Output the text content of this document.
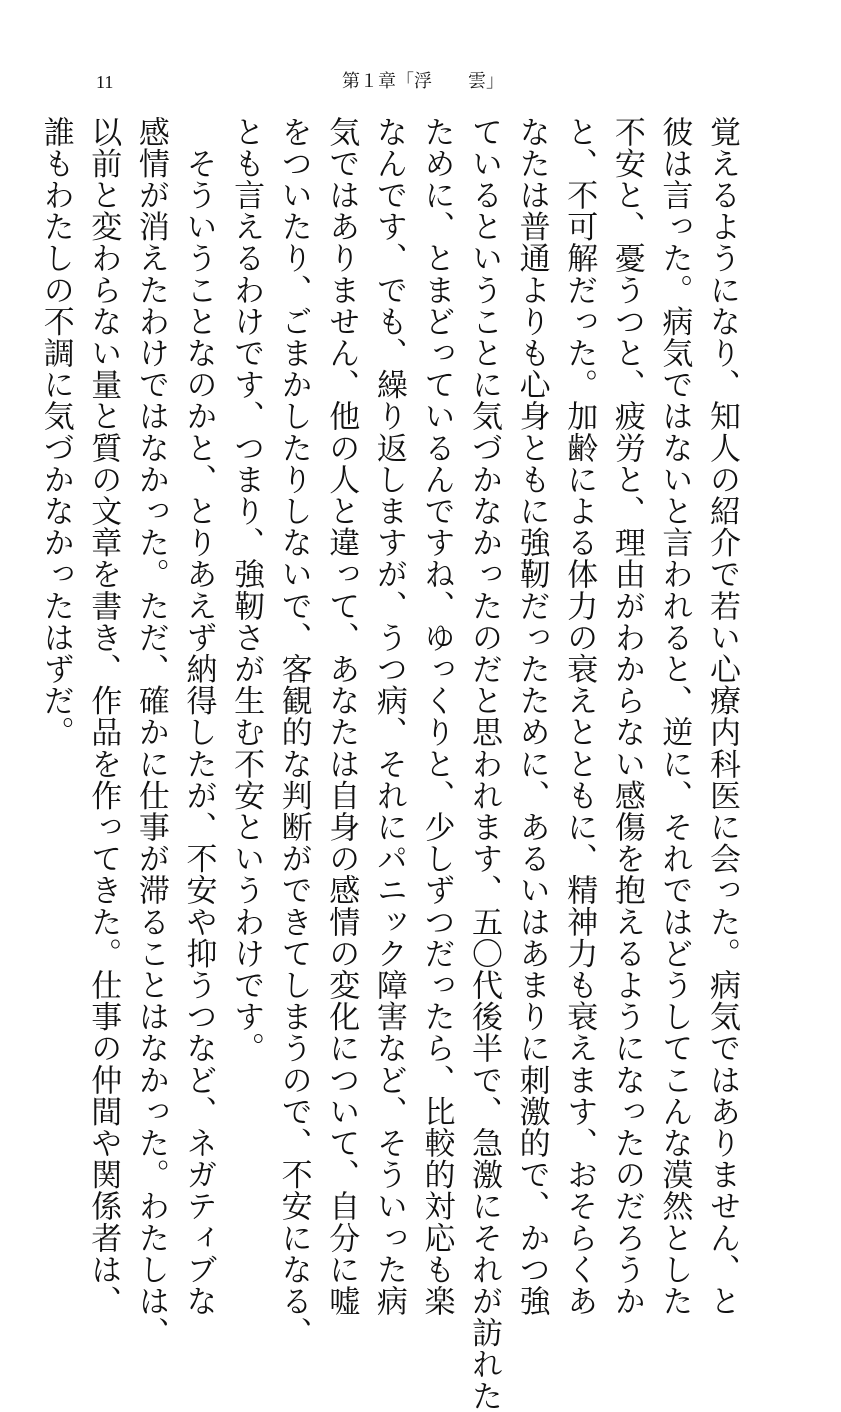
11	第１章「浮　　雲」
覚えるようになり、知人の紹介で若い心療内科医に会った。病気ではありません、と
彼は言った。病気ではないと言われると、逆に、それではどうしてこんな漠然とした
不安と、憂うつと、疲労と、理由がわからない感傷を抱えるようになったのだろうか
と、不可解だった。加齢による体力の衰えとともに、精神力も衰えます、おそらくあ
なたは普通よりも心身ともに強靭だったために、あるいはあまりに刺激的で、かつ強
ているということに気づかなかったのだと思われます、五〇代後半で、急激にそれが訪れた
ために、とまどっているんですね、ゆっくりと、少しずつだったら、比較的対応も楽
なんです、でも、繰り返しますが、うつ病、それにパニック障害など、そういった病
気ではありません、他の人と違って、あなたは自身の感情の変化について、自分に嘘
をついたり、ごまかしたりしないで、客観的な判断ができてしまうので、不安になる、
とも言えるわけです、つまり、強靭さが生む不安というわけです。
　そういうことなのかと、とりあえず納得したが、不安や抑うつなど、ネガティブな
感情が消えたわけではなかった。ただ、確かに仕事が滞ることはなかった。わたしは、
以前と変わらない量と質の文章を書き、作品を作ってきた。仕事の仲間や関係者は、
誰もわたしの不調に気づかなかったはずだ。
